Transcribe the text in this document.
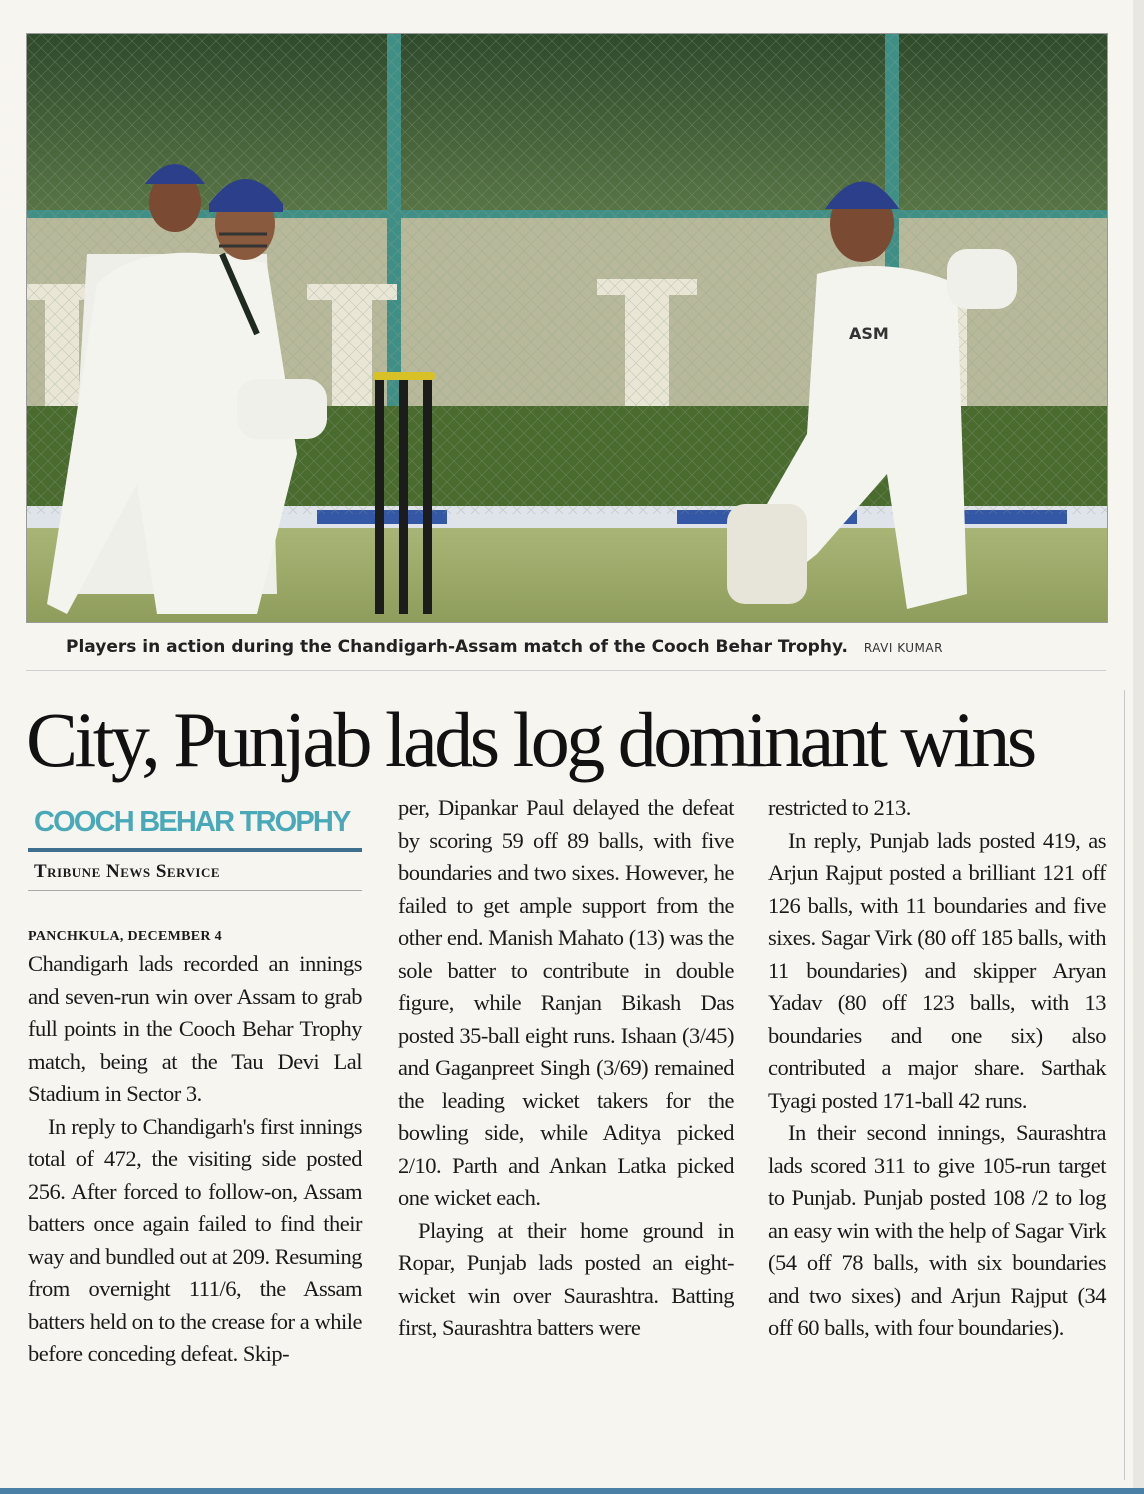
ASM
Players in action during the Chandigarh-Assam match of the Cooch Behar Trophy. RAVI KUMAR
City, Punjab lads log dominant wins
COOCH BEHAR TROPHY
Tribune News Service
PANCHKULA, DECEMBER 4

Chandigarh lads recorded an innings and seven-run win over Assam to grab full points in the Cooch Behar Trophy match, being at the Tau Devi Lal Stadium in Sector 3.

In reply to Chandigarh's first innings total of 472, the visiting side posted 256. After forced to follow-on, Assam batters once again failed to find their way and bundled out at 209. Resuming from overnight 111/6, the Assam batters held on to the crease for a while before conceding defeat. Skip-

per, Dipankar Paul delayed the defeat by scoring 59 off 89 balls, with five boundaries and two sixes. However, he failed to get ample support from the other end. Manish Mahato (13) was the sole batter to contribute in double figure, while Ranjan Bikash Das posted 35-ball eight runs. Ishaan (3/45) and Gaganpreet Singh (3/69) remained the leading wicket takers for the bowling side, while Aditya picked 2/10. Parth and Ankan Latka picked one wicket each.

Playing at their home ground in Ropar, Punjab lads posted an eight-wicket win over Saurashtra. Batting first, Saurashtra batters were

restricted to 213.

In reply, Punjab lads posted 419, as Arjun Rajput posted a brilliant 121 off 126 balls, with 11 boundaries and five sixes. Sagar Virk (80 off 185 balls, with 11 boundaries) and skipper Aryan Yadav (80 off 123 balls, with 13 boundaries and one six) also contributed a major share. Sarthak Tyagi posted 171-ball 42 runs.

In their second innings, Saurashtra lads scored 311 to give 105-run target to Punjab. Punjab posted 108 /2 to log an easy win with the help of Sagar Virk (54 off 78 balls, with six boundaries and two sixes) and Arjun Rajput (34 off 60 balls, with four boundaries).
